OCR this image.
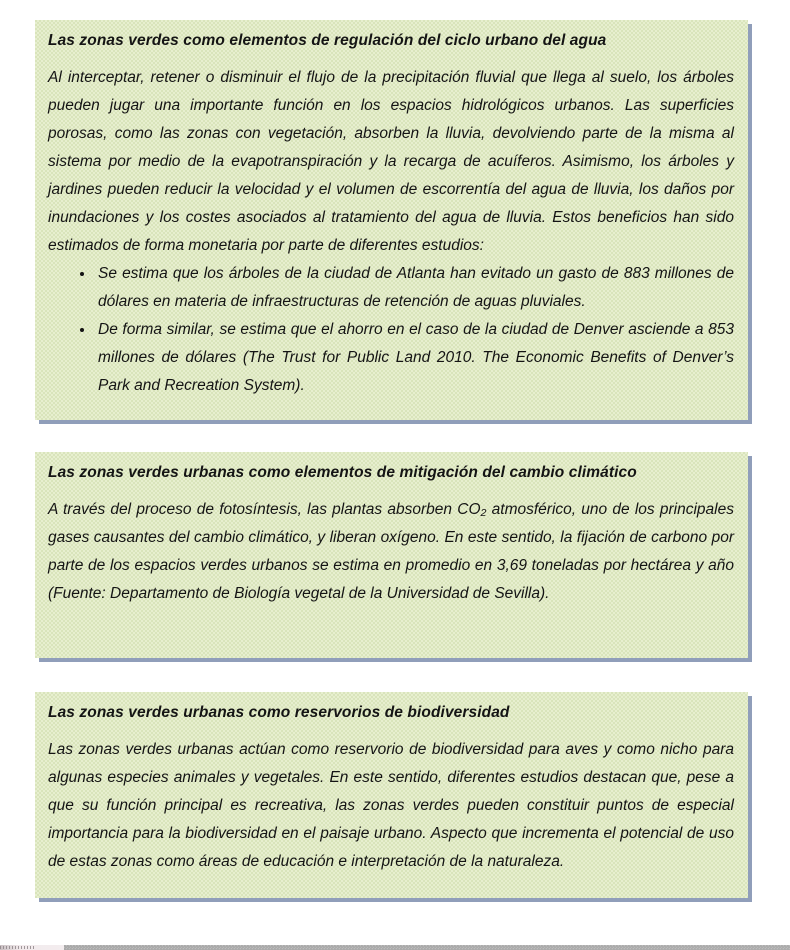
Las zonas verdes como elementos de regulación del ciclo urbano del agua

Al interceptar, retener o disminuir el flujo de la precipitación fluvial que llega al suelo, los árboles pueden jugar una importante función en los espacios hidrológicos urbanos. Las superficies porosas, como las zonas con vegetación, absorben la lluvia, devolviendo parte de la misma al sistema por medio de la evapotranspiración y la recarga de acuíferos. Asimismo, los árboles y jardines pueden reducir la velocidad y el volumen de escorrentía del agua de lluvia, los daños por inundaciones y los costes asociados al tratamiento del agua de lluvia. Estos beneficios han sido estimados de forma monetaria por parte de diferentes estudios:

• Se estima que los árboles de la ciudad de Atlanta han evitado un gasto de 883 millones de dólares en materia de infraestructuras de retención de aguas pluviales.
• De forma similar, se estima que el ahorro en el caso de la ciudad de Denver asciende a 853 millones de dólares (The Trust for Public Land 2010. The Economic Benefits of Denver’s Park and Recreation System).
Las zonas verdes urbanas como elementos de mitigación del cambio climático

A través del proceso de fotosíntesis, las plantas absorben CO₂ atmosférico, uno de los principales gases causantes del cambio climático, y liberan oxígeno. En este sentido, la fijación de carbono por parte de los espacios verdes urbanos se estima en promedio en 3,69 toneladas por hectárea y año (Fuente: Departamento de Biología vegetal de la Universidad de Sevilla).

Las zonas verdes urbanas como reservorios de biodiversidad

Las zonas verdes urbanas actúan como reservorio de biodiversidad para aves y como nicho para algunas especies animales y vegetales. En este sentido, diferentes estudios destacan que, pese a que su función principal es recreativa, las zonas verdes pueden constituir puntos de especial importancia para la biodiversidad en el paisaje urbano. Aspecto que incrementa el potencial de uso de estas zonas como áreas de educación e interpretación de la naturaleza.
